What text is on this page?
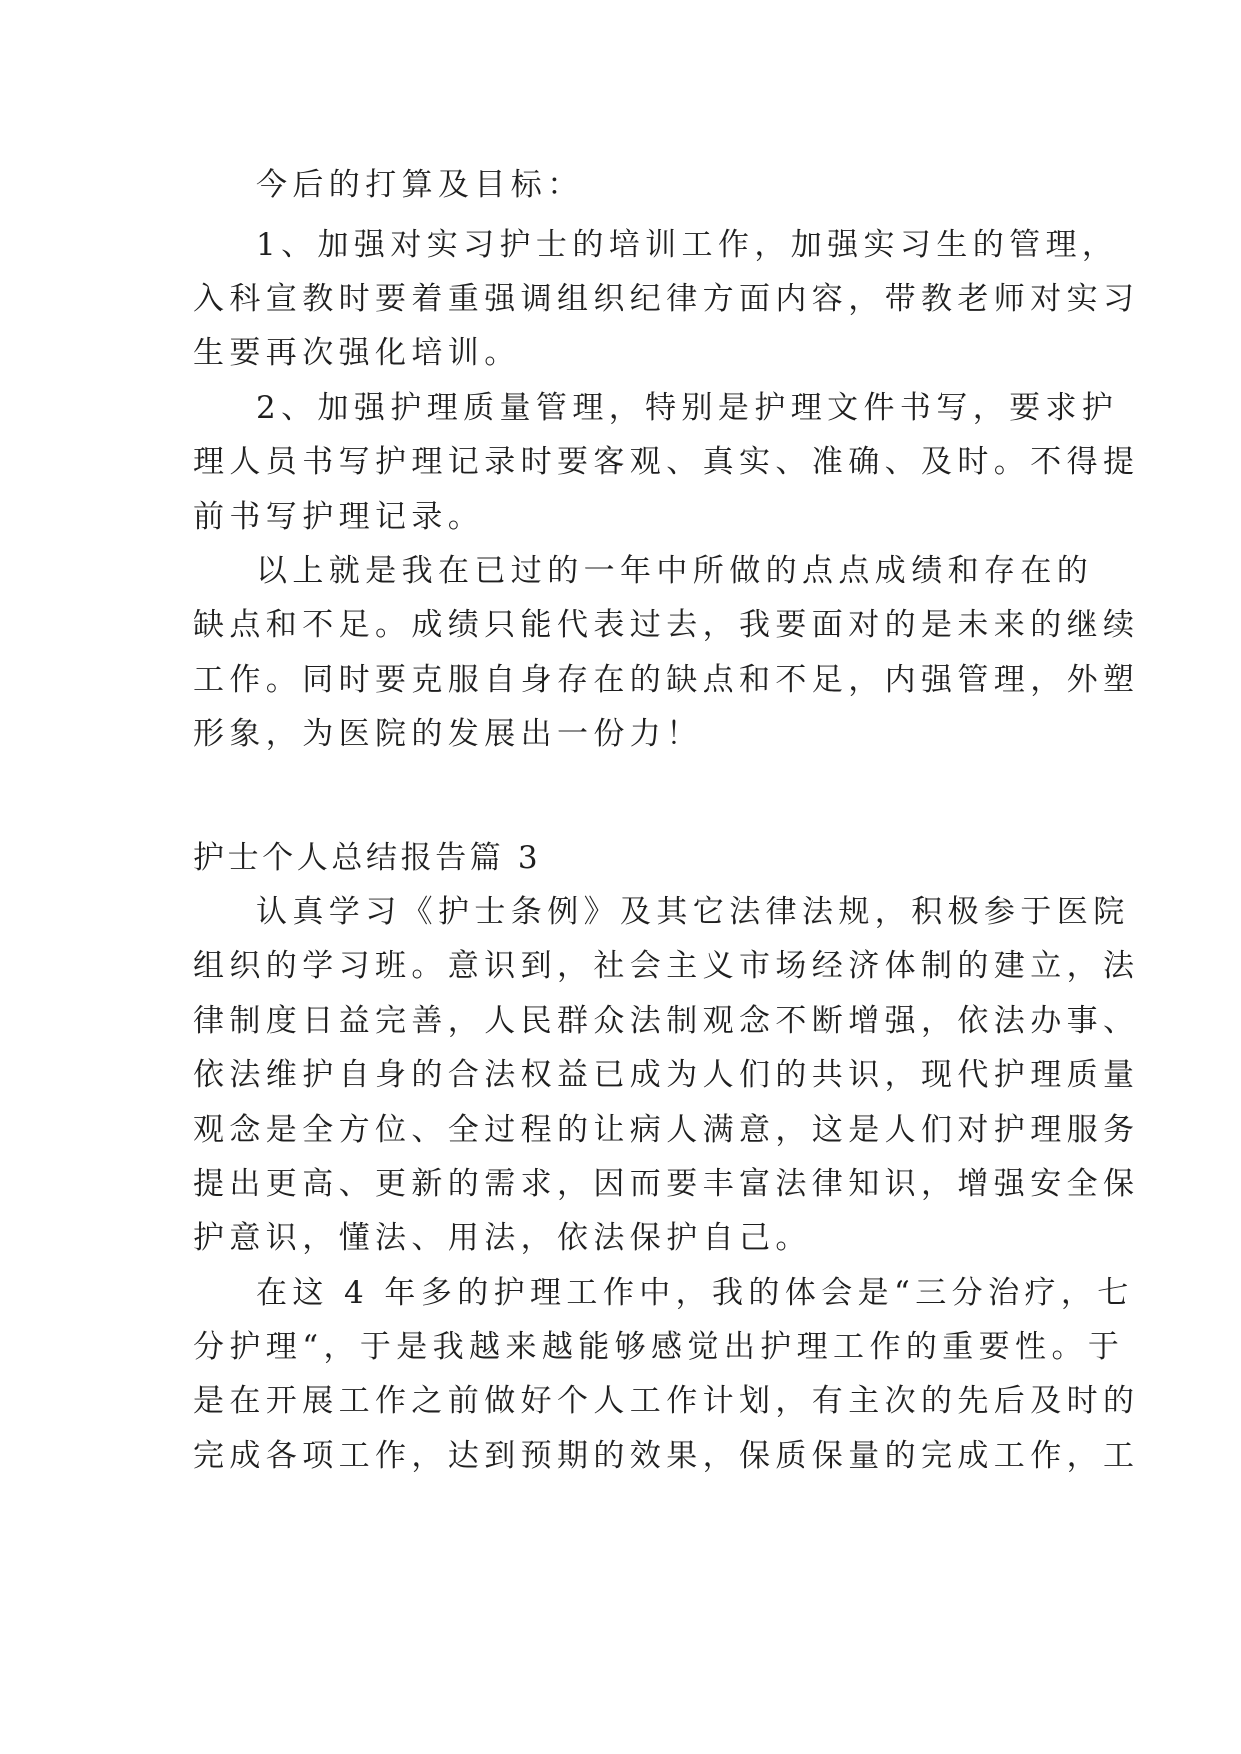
今后的打算及目标：

1、加强对实习护士的培训工作，加强实习生的管理，

入科宣教时要着重强调组织纪律方面内容，带教老师对实习

生要再次强化培训。

2、加强护理质量管理，特别是护理文件书写，要求护

理人员书写护理记录时要客观、真实、准确、及时。不得提

前书写护理记录。

以上就是我在已过的一年中所做的点点成绩和存在的

缺点和不足。成绩只能代表过去，我要面对的是未来的继续

工作。同时要克服自身存在的缺点和不足，内强管理，外塑

形象，为医院的发展出一份力！

护士个人总结报告篇 3

认真学习《护士条例》及其它法律法规，积极参于医院

组织的学习班。意识到，社会主义市场经济体制的建立，法

律制度日益完善，人民群众法制观念不断增强，依法办事、

依法维护自身的合法权益已成为人们的共识，现代护理质量

观念是全方位、全过程的让病人满意，这是人们对护理服务

提出更高、更新的需求，因而要丰富法律知识，增强安全保

护意识，懂法、用法，依法保护自己。

在这 4 年多的护理工作中，我的体会是“三分治疗，七

分护理“，于是我越来越能够感觉出护理工作的重要性。于

是在开展工作之前做好个人工作计划，有主次的先后及时的

完成各项工作，达到预期的效果，保质保量的完成工作，工
